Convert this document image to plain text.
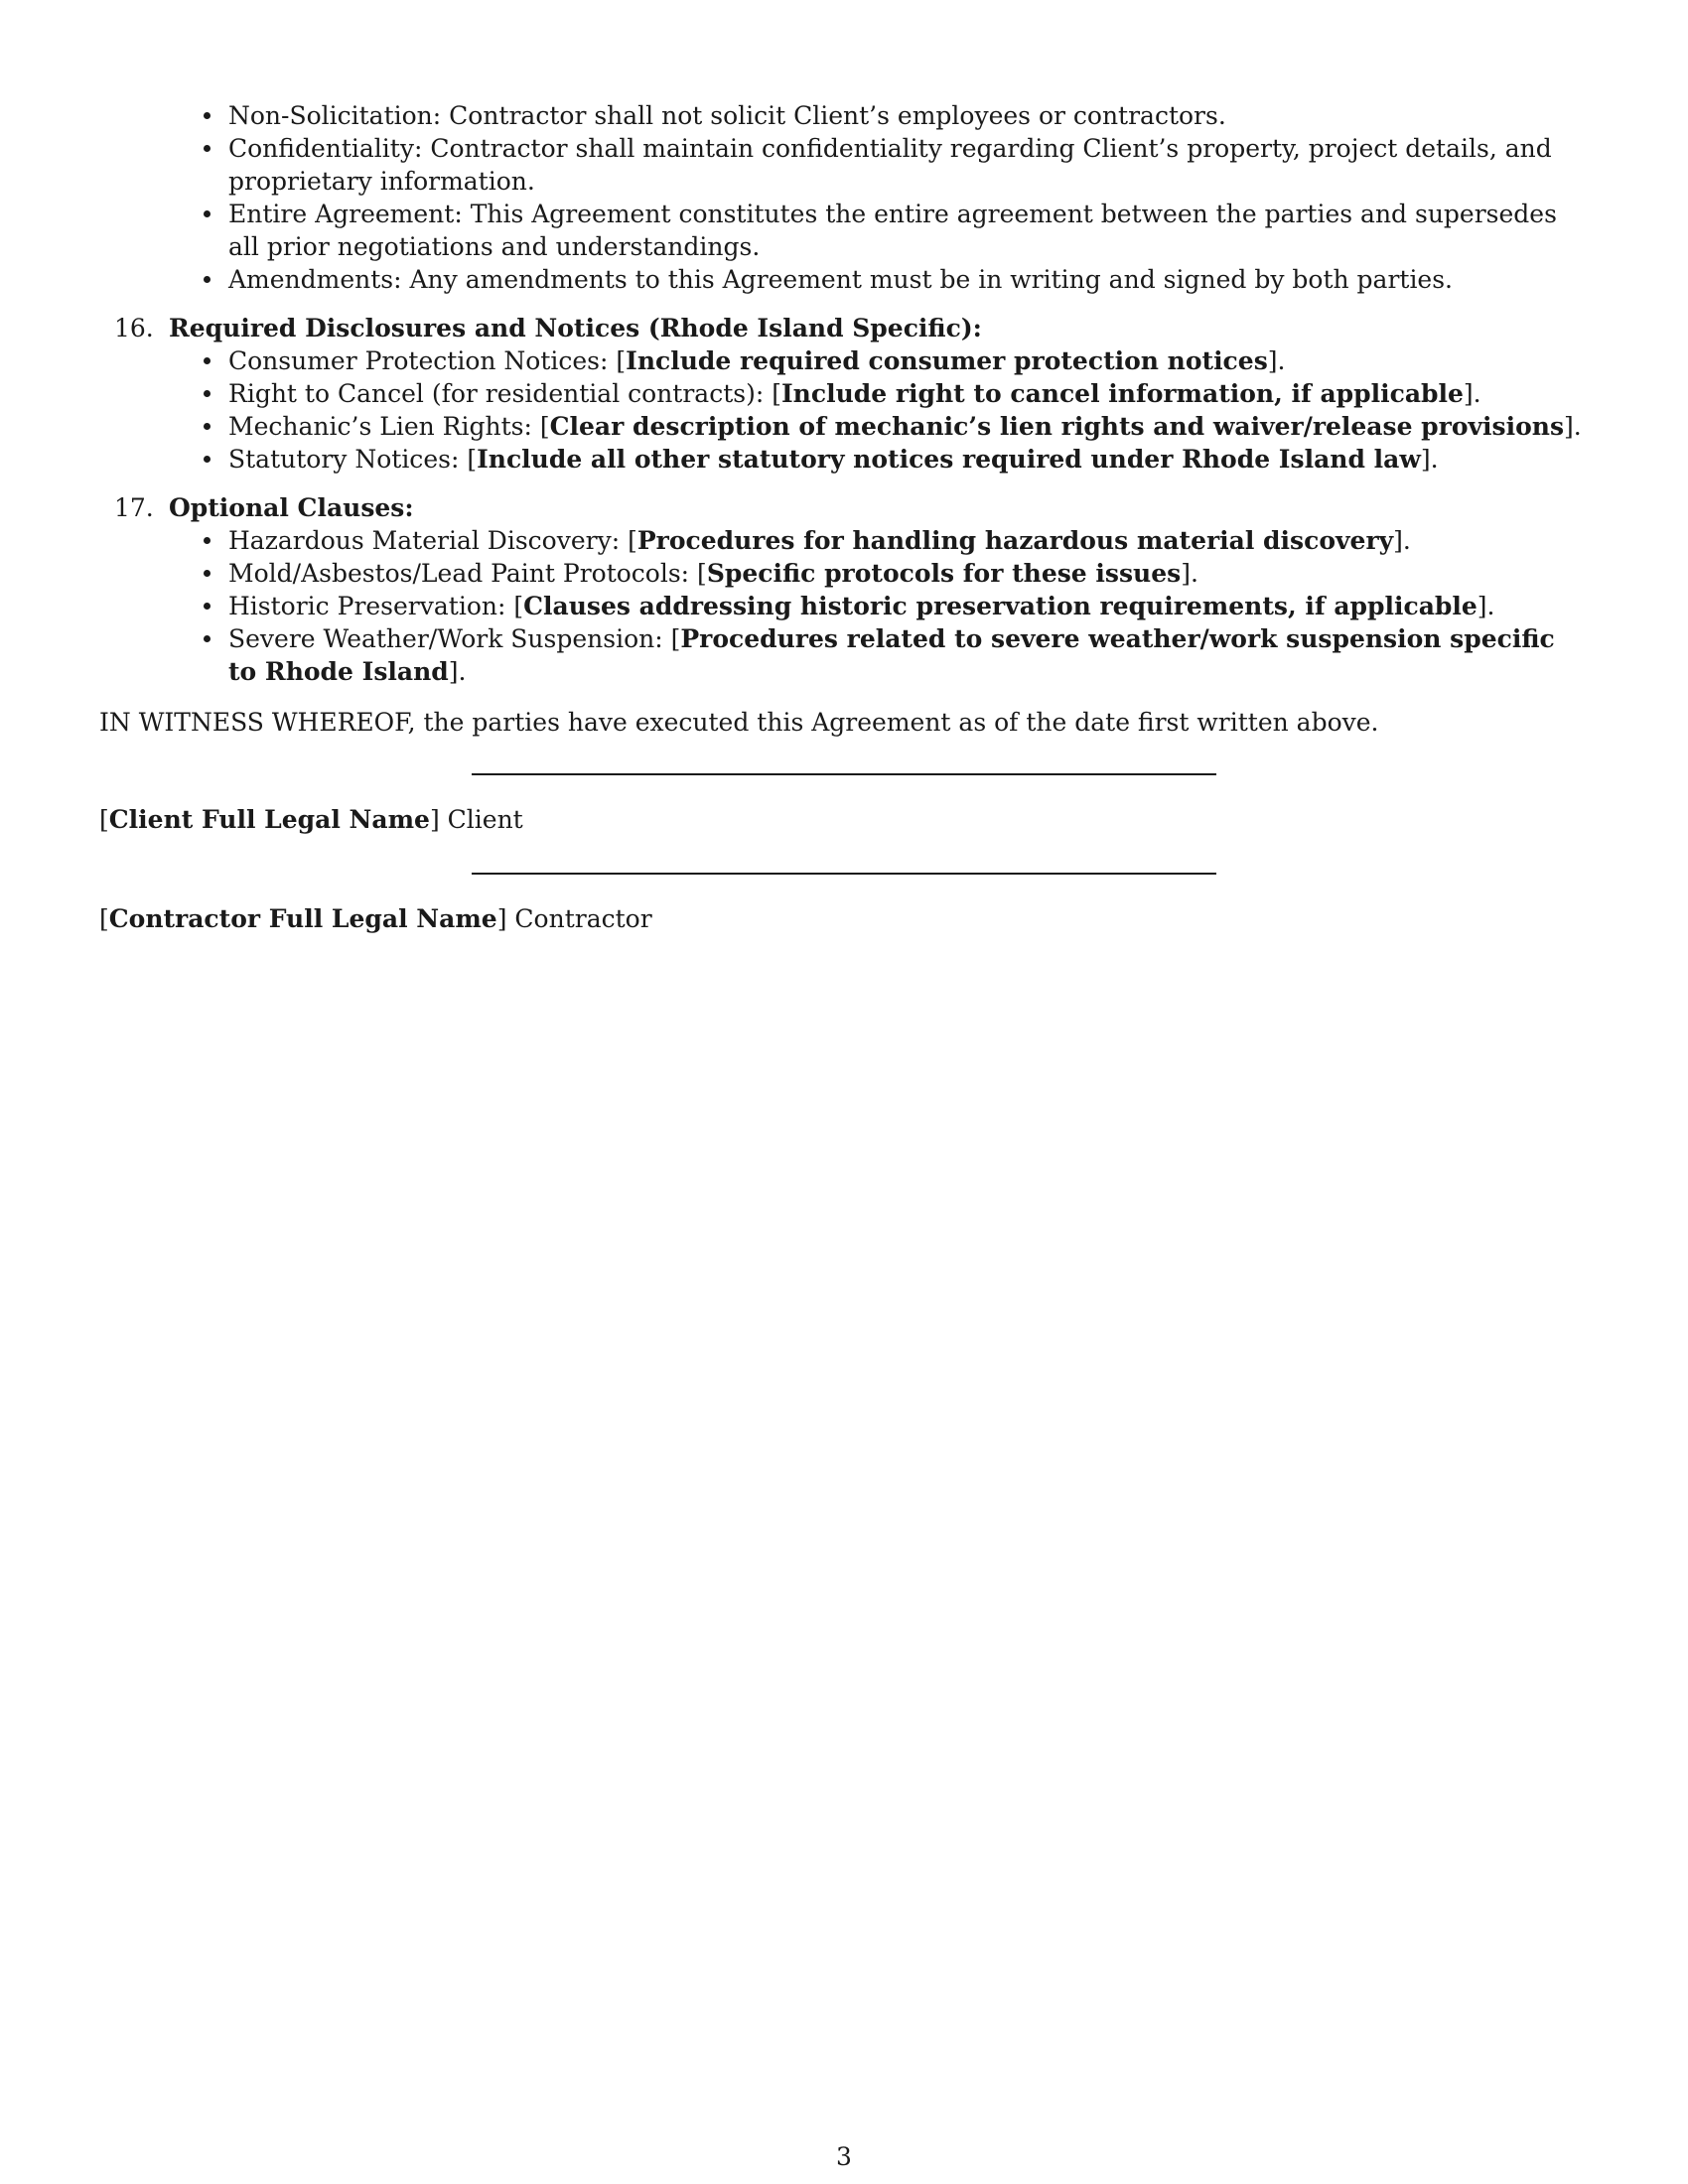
Non-Solicitation: Contractor shall not solicit Client’s employees or contractors.
Confidentiality: Contractor shall maintain confidentiality regarding Client’s property, project details, and proprietary information.
Entire Agreement: This Agreement constitutes the entire agreement between the parties and supersedes all prior negotiations and understandings.
Amendments: Any amendments to this Agreement must be in writing and signed by both parties.
16. Required Disclosures and Notices (Rhode Island Specific):
Consumer Protection Notices: [Include required consumer protection notices].
Right to Cancel (for residential contracts): [Include right to cancel information, if applicable].
Mechanic’s Lien Rights: [Clear description of mechanic’s lien rights and waiver/release provisions].
Statutory Notices: [Include all other statutory notices required under Rhode Island law].
17. Optional Clauses:
Hazardous Material Discovery: [Procedures for handling hazardous material discovery].
Mold/Asbestos/Lead Paint Protocols: [Specific protocols for these issues].
Historic Preservation: [Clauses addressing historic preservation requirements, if applicable].
Severe Weather/Work Suspension: [Procedures related to severe weather/work suspension specific to Rhode Island].
IN WITNESS WHEREOF, the parties have executed this Agreement as of the date first written above.
[Client Full Legal Name] Client
[Contractor Full Legal Name] Contractor
3
